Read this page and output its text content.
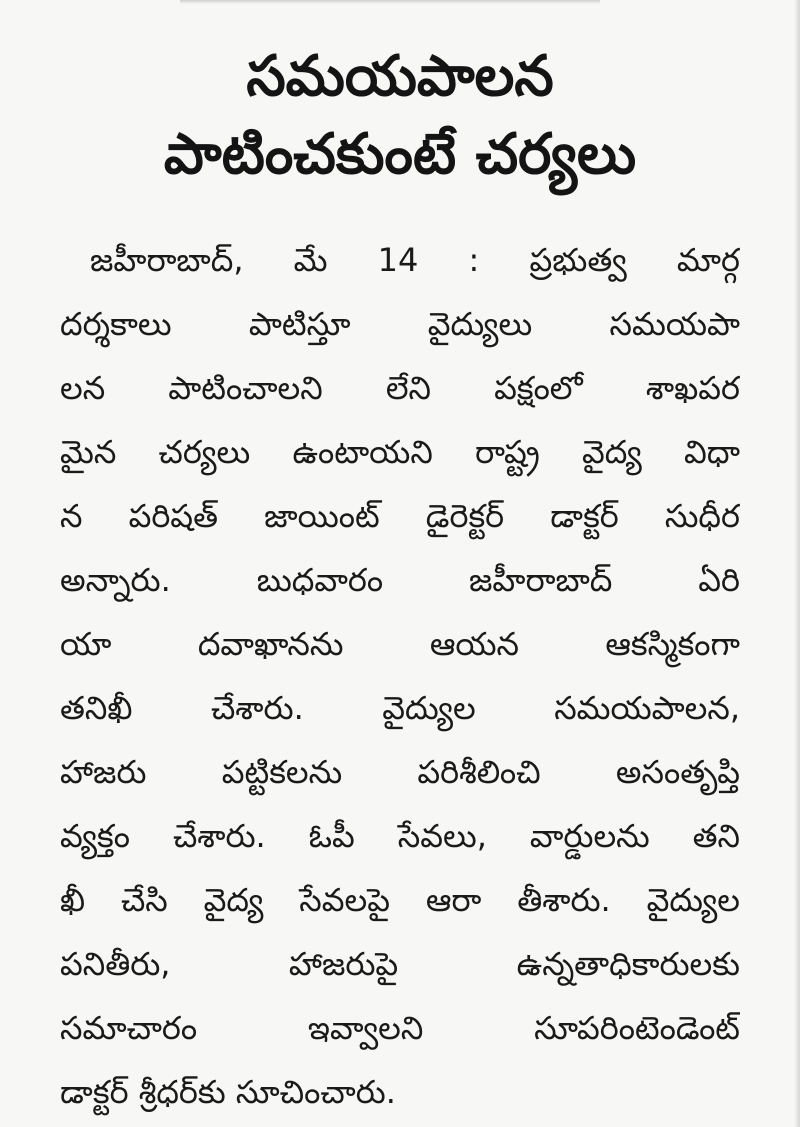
సమయపాలన
పాటించకుంటే చర్యలు
జహీరాబాద్, మే 14 : ప్రభుత్వ మార్గ
దర్శకాలు పాటిస్తూ వైద్యులు సమయపా
లన పాటించాలని లేని పక్షంలో శాఖపర
మైన చర్యలు ఉంటాయని రాష్ట్ర వైద్య విధా
న పరిషత్ జాయింట్ డైరెక్టర్ డాక్టర్ సుధీర
అన్నారు. బుధవారం జహీరాబాద్ ఏరి
యా దవాఖానను ఆయన ఆకస్మికంగా
తనిఖీ చేశారు. వైద్యుల సమయపాలన,
హాజరు పట్టికలను పరిశీలించి అసంతృప్తి
వ్యక్తం చేశారు. ఓపీ సేవలు, వార్డులను తని
ఖీ చేసి వైద్య సేవలపై ఆరా తీశారు. వైద్యుల
పనితీరు, హాజరుపై ఉన్నతాధికారులకు
సమాచారం ఇవ్వాలని సూపరింటెండెంట్
డాక్టర్ శ్రీధర్‌కు సూచించారు.
